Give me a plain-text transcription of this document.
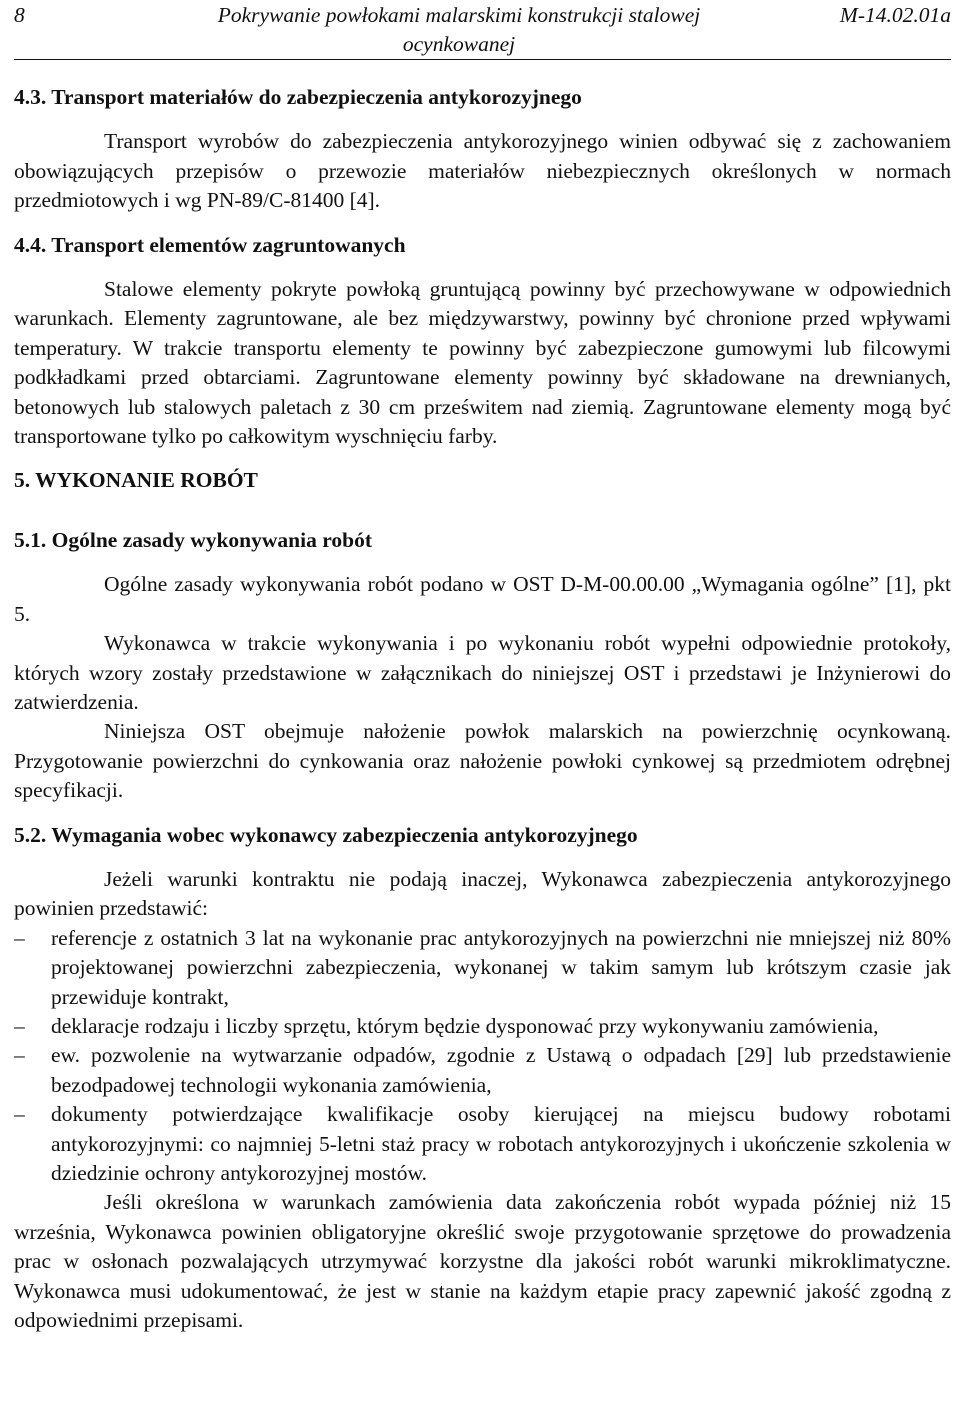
8	Pokrywanie powłokami malarskimi konstrukcji stalowej ocynkowanej
M-14.02.01a
4.3. Transport materiałów do zabezpieczenia antykorozyjnego

Transport wyrobów do zabezpieczenia antykorozyjnego winien odbywać się z zachowaniem obowiązujących przepisów o przewozie materiałów niebezpiecznych określonych w normach przedmiotowych i wg PN-89/C-81400 [4].

4.4. Transport elementów zagruntowanych

Stalowe elementy pokryte powłoką gruntującą powinny być przechowywane w odpowiednich warunkach. Elementy zagruntowane, ale bez międzywarstwy, powinny być chronione przed wpływami temperatury. W trakcie transportu elementy te powinny być zabezpieczone gumowymi lub filcowymi podkładkami przed obtarciami. Zagruntowane elementy powinny być składowane na drewnianych, betonowych lub stalowych paletach z 30 cm prześwitem nad ziemią. Zagruntowane elementy mogą być transportowane tylko po całkowitym wyschnięciu farby.

5. WYKONANIE ROBÓT
5.1. Ogólne zasady wykonywania robót

Ogólne zasady wykonywania robót podano w OST D-M-00.00.00 „Wymagania ogólne” [1], pkt 5.

Wykonawca w trakcie wykonywania i po wykonaniu robót wypełni odpowiednie protokoły, których wzory zostały przedstawione w załącznikach do niniejszej OST i przedstawi je Inżynierowi do zatwierdzenia.

Niniejsza OST obejmuje nałożenie powłok malarskich na powierzchnię ocynkowaną. Przygotowanie powierzchni do cynkowania oraz nałożenie powłoki cynkowej są przedmiotem odrębnej specyfikacji.

5.2. Wymagania wobec wykonawcy zabezpieczenia antykorozyjnego

Jeżeli warunki kontraktu nie podają inaczej, Wykonawca zabezpieczenia antykorozyjnego powinien przedstawić:

– referencje z ostatnich 3 lat na wykonanie prac antykorozyjnych na powierzchni nie mniejszej niż 80% projektowanej powierzchni zabezpieczenia, wykonanej w takim samym lub krótszym czasie jak przewiduje kontrakt,
– deklaracje rodzaju i liczby sprzętu, którym będzie dysponować przy wykonywaniu zamówienia,
– ew. pozwolenie na wytwarzanie odpadów, zgodnie z Ustawą o odpadach [29] lub przedstawienie bezodpadowej technologii wykonania zamówienia,
– dokumenty potwierdzające kwalifikacje osoby kierującej na miejscu budowy robotami antykorozyjnymi: co najmniej 5-letni staż pracy w robotach antykorozyjnych i ukończenie szkolenia w dziedzinie ochrony antykorozyjnej mostów.

Jeśli określona w warunkach zamówienia data zakończenia robót wypada później niż 15 września, Wykonawca powinien obligatoryjne określić swoje przygotowanie sprzętowe do prowadzenia prac w osłonach pozwalających utrzymywać korzystne dla jakości robót warunki mikroklimatyczne. Wykonawca musi udokumentować, że jest w stanie na każdym etapie pracy zapewnić jakość zgodną z odpowiednimi przepisami.
